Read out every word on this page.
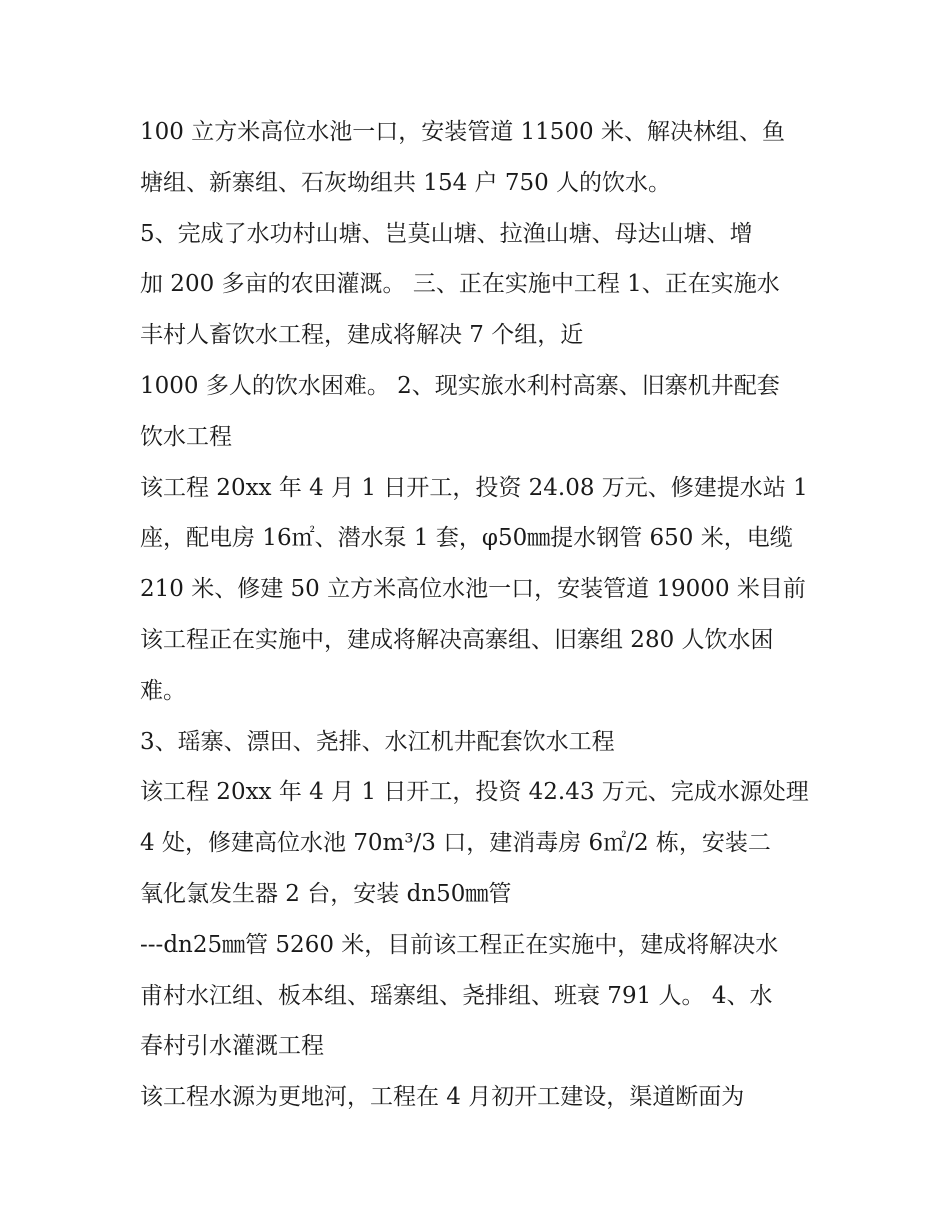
100 立方米高位水池一口，安装管道 11500 米、解决林组、鱼
塘组、新寨组、石灰坳组共 154 户 750 人的饮水。
5、完成了水功村山塘、岂莫山塘、拉渔山塘、母达山塘、增
加 200 多亩的农田灌溉。 三、正在实施中工程 1、正在实施水
丰村人畜饮水工程，建成将解决 7 个组，近
1000 多人的饮水困难。 2、现实旅水利村高寨、旧寨机井配套
饮水工程
该工程 20xx 年 4 月 1 日开工，投资 24.08 万元、修建提水站 1
座，配电房 16㎡、潜水泵 1 套，φ50㎜提水钢管 650 米，电缆
210 米、修建 50 立方米高位水池一口，安装管道 19000 米目前
该工程正在实施中，建成将解决高寨组、旧寨组 280 人饮水困
难。
3、瑶寨、漂田、尧排、水江机井配套饮水工程
该工程 20xx 年 4 月 1 日开工，投资 42.43 万元、完成水源处理
4 处，修建高位水池 70m³/3 口，建消毒房 6㎡/2 栋，安装二
氧化氯发生器 2 台，安装 dn50㎜管
---dn25㎜管 5260 米，目前该工程正在实施中，建成将解决水
甫村水江组、板本组、瑶寨组、尧排组、班衰 791 人。 4、水
春村引水灌溉工程
该工程水源为更地河，工程在 4 月初开工建设，渠道断面为
